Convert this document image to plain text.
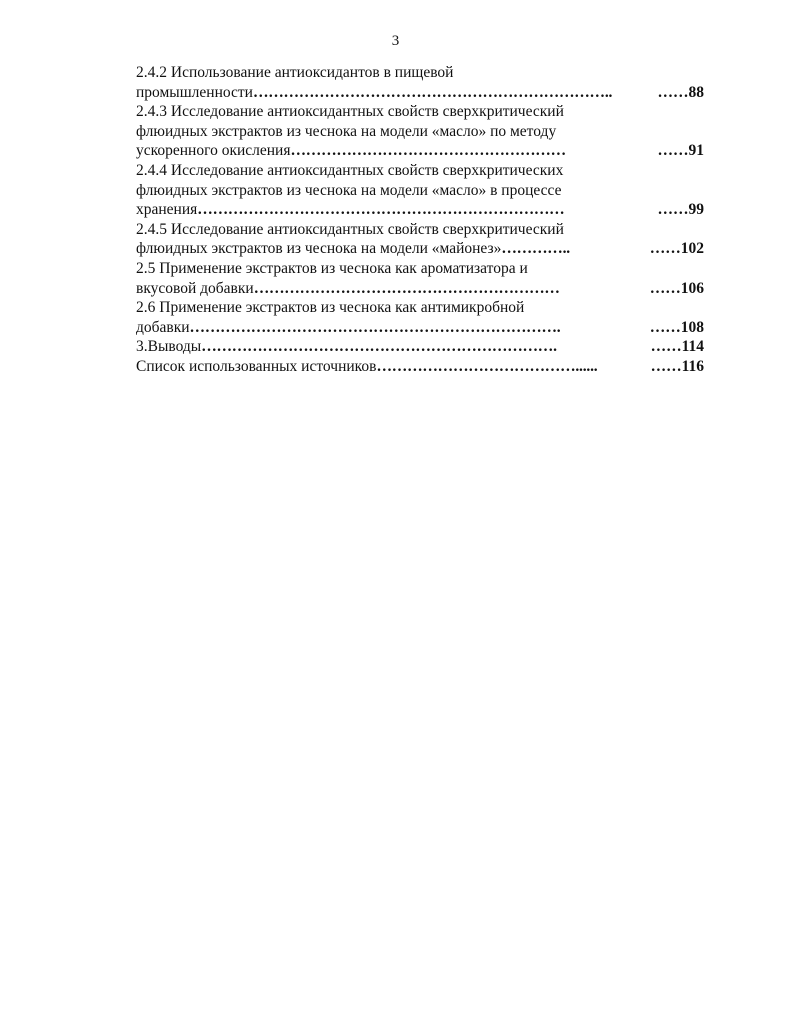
3
2.4.2 Использование антиоксидантов в пищевой
промышленности……………………………………………………………..	……88
2.4.3 Исследование антиоксидантных свойств сверхкритический
флюидных экстрактов из чеснока на модели «масло» по методу
ускоренного окисления………………………………………………	……91
2.4.4 Исследование антиоксидантных свойств сверхкритических
флюидных экстрактов из чеснока на модели «масло» в процессе
хранения………………………………………………………………	……99
2.4.5 Исследование антиоксидантных свойств сверхкритический
флюидных экстрактов из чеснока на модели «майонез»…………..	……102
2.5 Применение экстрактов из чеснока как ароматизатора и
вкусовой добавки……………………………………………………	……106
2.6 Применение экстрактов из чеснока как антимикробной
добавки……………………………………………………………….	……108
3.Выводы…………………………………………………………….	……114
Список использованных источников…………………………………......	……116
